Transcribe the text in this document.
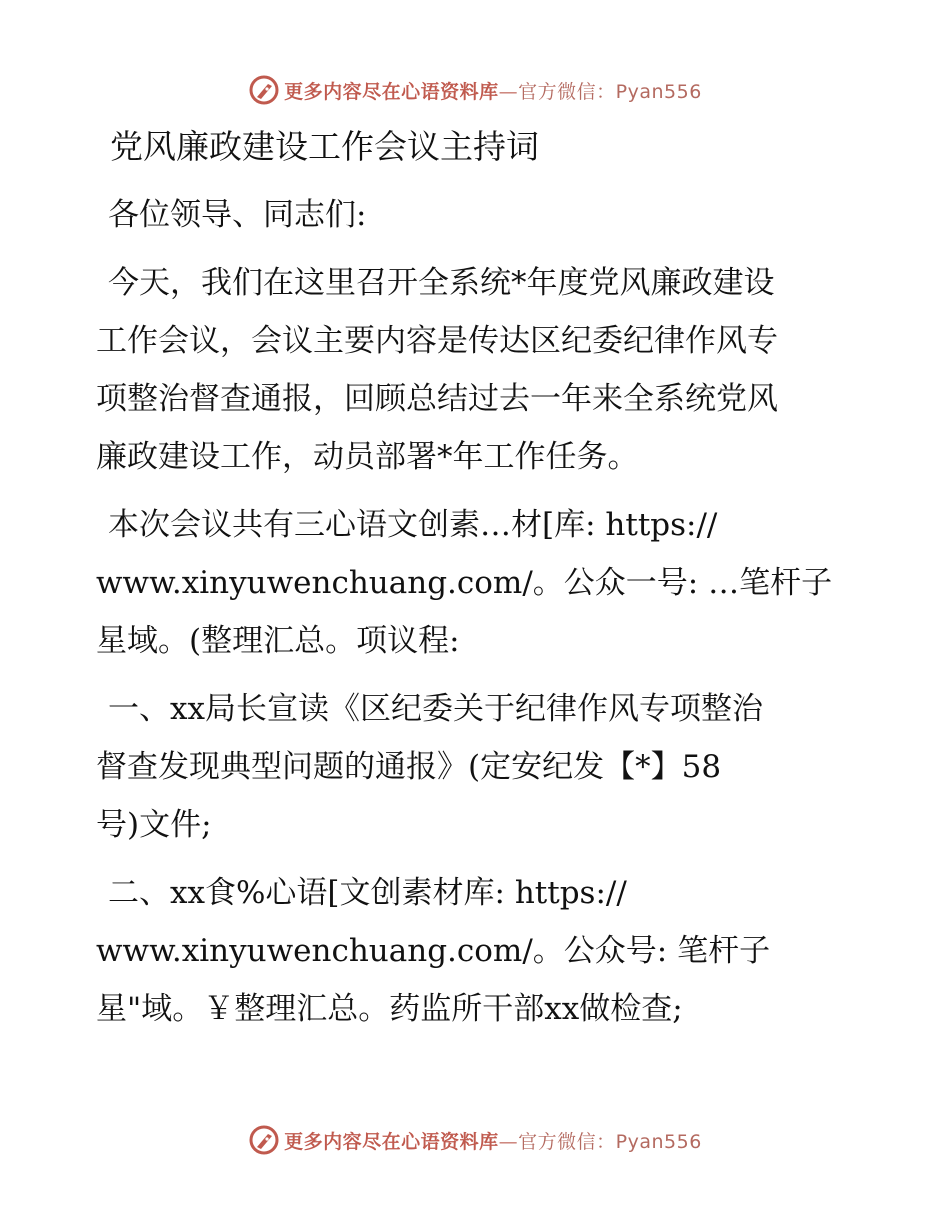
更多内容尽在心语资料库—官方微信：Pyan556
党风廉政建设工作会议主持词

各位领导、同志们:

今天，我们在这里召开全系统*年度党风廉政建设

工作会议，会议主要内容是传达区纪委纪律作风专

项整治督查通报，回顾总结过去一年来全系统党风

廉政建设工作，动员部署*年工作任务。

本次会议共有三心语文创素…材[库: https://

www.xinyuwenchuang.com/。公众一号: …笔杆子

星域。(整理汇总。项议程:

一、xx局长宣读《区纪委关于纪律作风专项整治

督查发现典型问题的通报》(定安纪发【*】58

号)文件;

二、xx食%心语[文创素材库: https://

www.xinyuwenchuang.com/。公众号: 笔杆子

星"域。￥整理汇总。药监所干部xx做检查;

更多内容尽在心语资料库—官方微信：Pyan556
